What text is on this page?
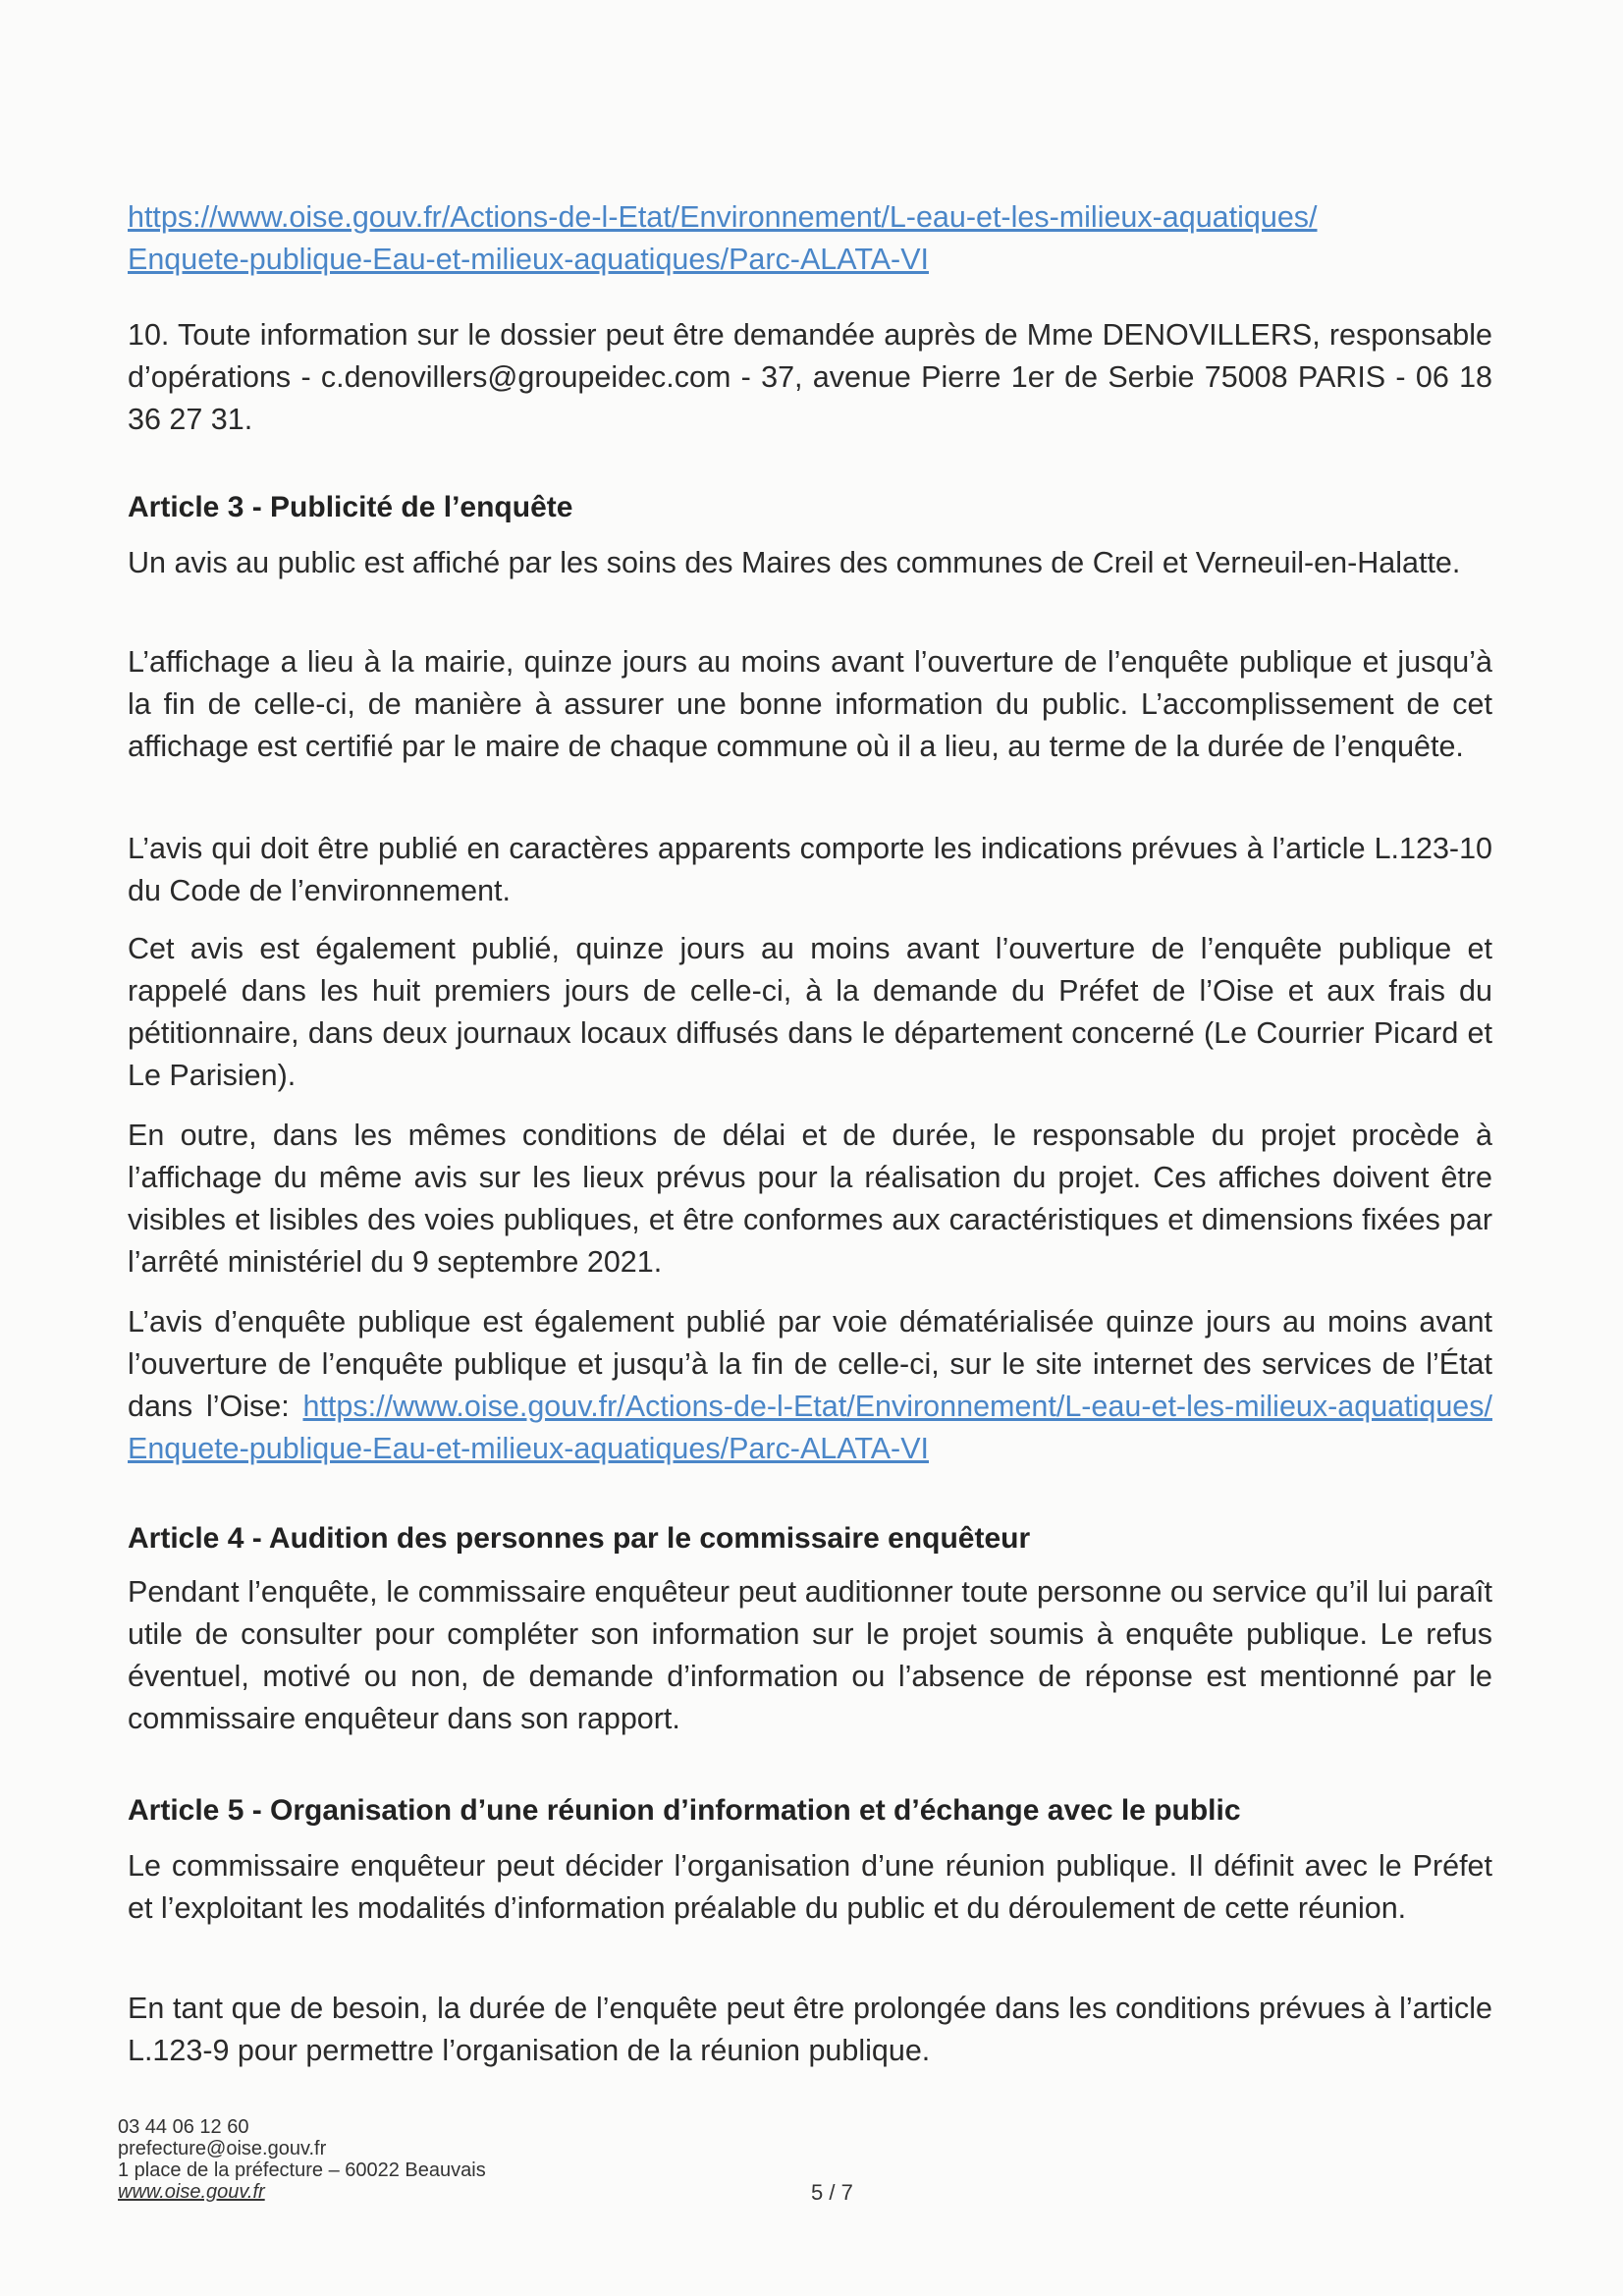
https://www.oise.gouv.fr/Actions-de-l-Etat/Environnement/L-eau-et-les-milieux-aquatiques/
Enquete-publique-Eau-et-milieux-aquatiques/Parc-ALATA-VI

10. Toute information sur le dossier peut être demandée auprès de Mme DENOVILLERS, responsable d’opérations - c.denovillers@groupeidec.com - 37, avenue Pierre 1er de Serbie 75008 PARIS - 06 18 36 27 31.

Article 3 - Publicité de l’enquête

Un avis au public est affiché par les soins des Maires des communes de Creil et Verneuil-en-Halatte.

L’affichage a lieu à la mairie, quinze jours au moins avant l’ouverture de l’enquête publique et jusqu’à la fin de celle-ci, de manière à assurer une bonne information du public. L’accomplissement de cet affichage est certifié par le maire de chaque commune où il a lieu, au terme de la durée de l’enquête.

L’avis qui doit être publié en caractères apparents comporte les indications prévues à l’article L.123-10 du Code de l’environnement.

Cet avis est également publié, quinze jours au moins avant l’ouverture de l’enquête publique et rappelé dans les huit premiers jours de celle-ci, à la demande du Préfet de l’Oise et aux frais du pétitionnaire, dans deux journaux locaux diffusés dans le département concerné (Le Courrier Picard et Le Parisien).

En outre, dans les mêmes conditions de délai et de durée, le responsable du projet procède à l’affichage du même avis sur les lieux prévus pour la réalisation du projet. Ces affiches doivent être visibles et lisibles des voies publiques, et être conformes aux caractéristiques et dimensions fixées par l’arrêté ministériel du 9 septembre 2021.

L’avis d’enquête publique est également publié par voie dématérialisée quinze jours au moins avant l’ouverture de l’enquête publique et jusqu’à la fin de celle-ci, sur le site internet des services de l’État dans l’Oise: https://www.oise.gouv.fr/Actions-de-l-Etat/Environnement/L-eau-et-les-milieux-aquatiques/Enquete-publique-Eau-et-milieux-aquatiques/Parc-ALATA-VI

Article 4 - Audition des personnes par le commissaire enquêteur

Pendant l’enquête, le commissaire enquêteur peut auditionner toute personne ou service qu’il lui paraît utile de consulter pour compléter son information sur le projet soumis à enquête publique. Le refus éventuel, motivé ou non, de demande d’information ou l’absence de réponse est mentionné par le commissaire enquêteur dans son rapport.

Article 5 - Organisation d’une réunion d’information et d’échange avec le public

Le commissaire enquêteur peut décider l’organisation d’une réunion publique. Il définit avec le Préfet et l’exploitant les modalités d’information préalable du public et du déroulement de cette réunion.

En tant que de besoin, la durée de l’enquête peut être prolongée dans les conditions prévues à l’article L.123-9 pour permettre l’organisation de la réunion publique.

03 44 06 12 60
prefecture@oise.gouv.fr
1 place de la préfecture – 60022 Beauvais
www.oise.gouv.fr	5 / 7
